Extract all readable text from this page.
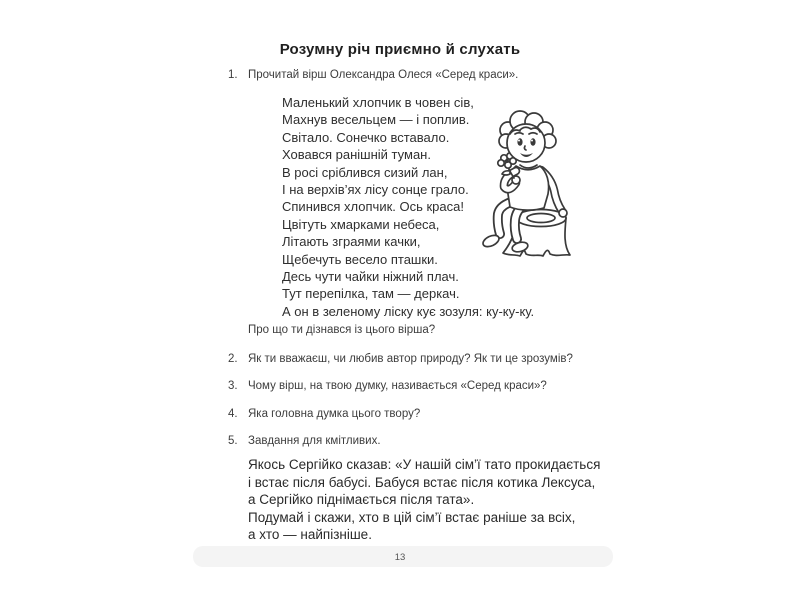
Розумну річ приємно й слухать
1. Прочитай вірш Олександра Олеся «Серед краси».
Маленький хлопчик в човен сів,
Махнув весельцем — і поплив.
Світало. Сонечко вставало.
Ховався ранішній туман.
В росі сріблився сизий лан,
І на верхів’ях лісу сонце грало.
Спинився хлопчик. Ось краса!
Цвітуть хмарками небеса,
Літають зграями качки,
Щебечуть весело пташки.
Десь чути чайки ніжний плач.
Тут перепілка, там — деркач.
А он в зеленому ліску кує зозуля: ку-ку-ку.
Про що ти дізнався із цього вірша?
2. Як ти вважаєш, чи любив автор природу? Як ти це зрозумів?
3. Чому вірш, на твою думку, називається «Серед краси»?
4. Яка головна думка цього твору?
5. Завдання для кмітливих.
Якось Сергійко сказав: «У нашій сім’ї тато прокидається
і встає після бабусі. Бабуся встає після котика Лексуса,
а Сергійко піднімається після тата».
Подумай і скажи, хто в цій сім’ї встає раніше за всіх,
а хто — найпізніше.
13
